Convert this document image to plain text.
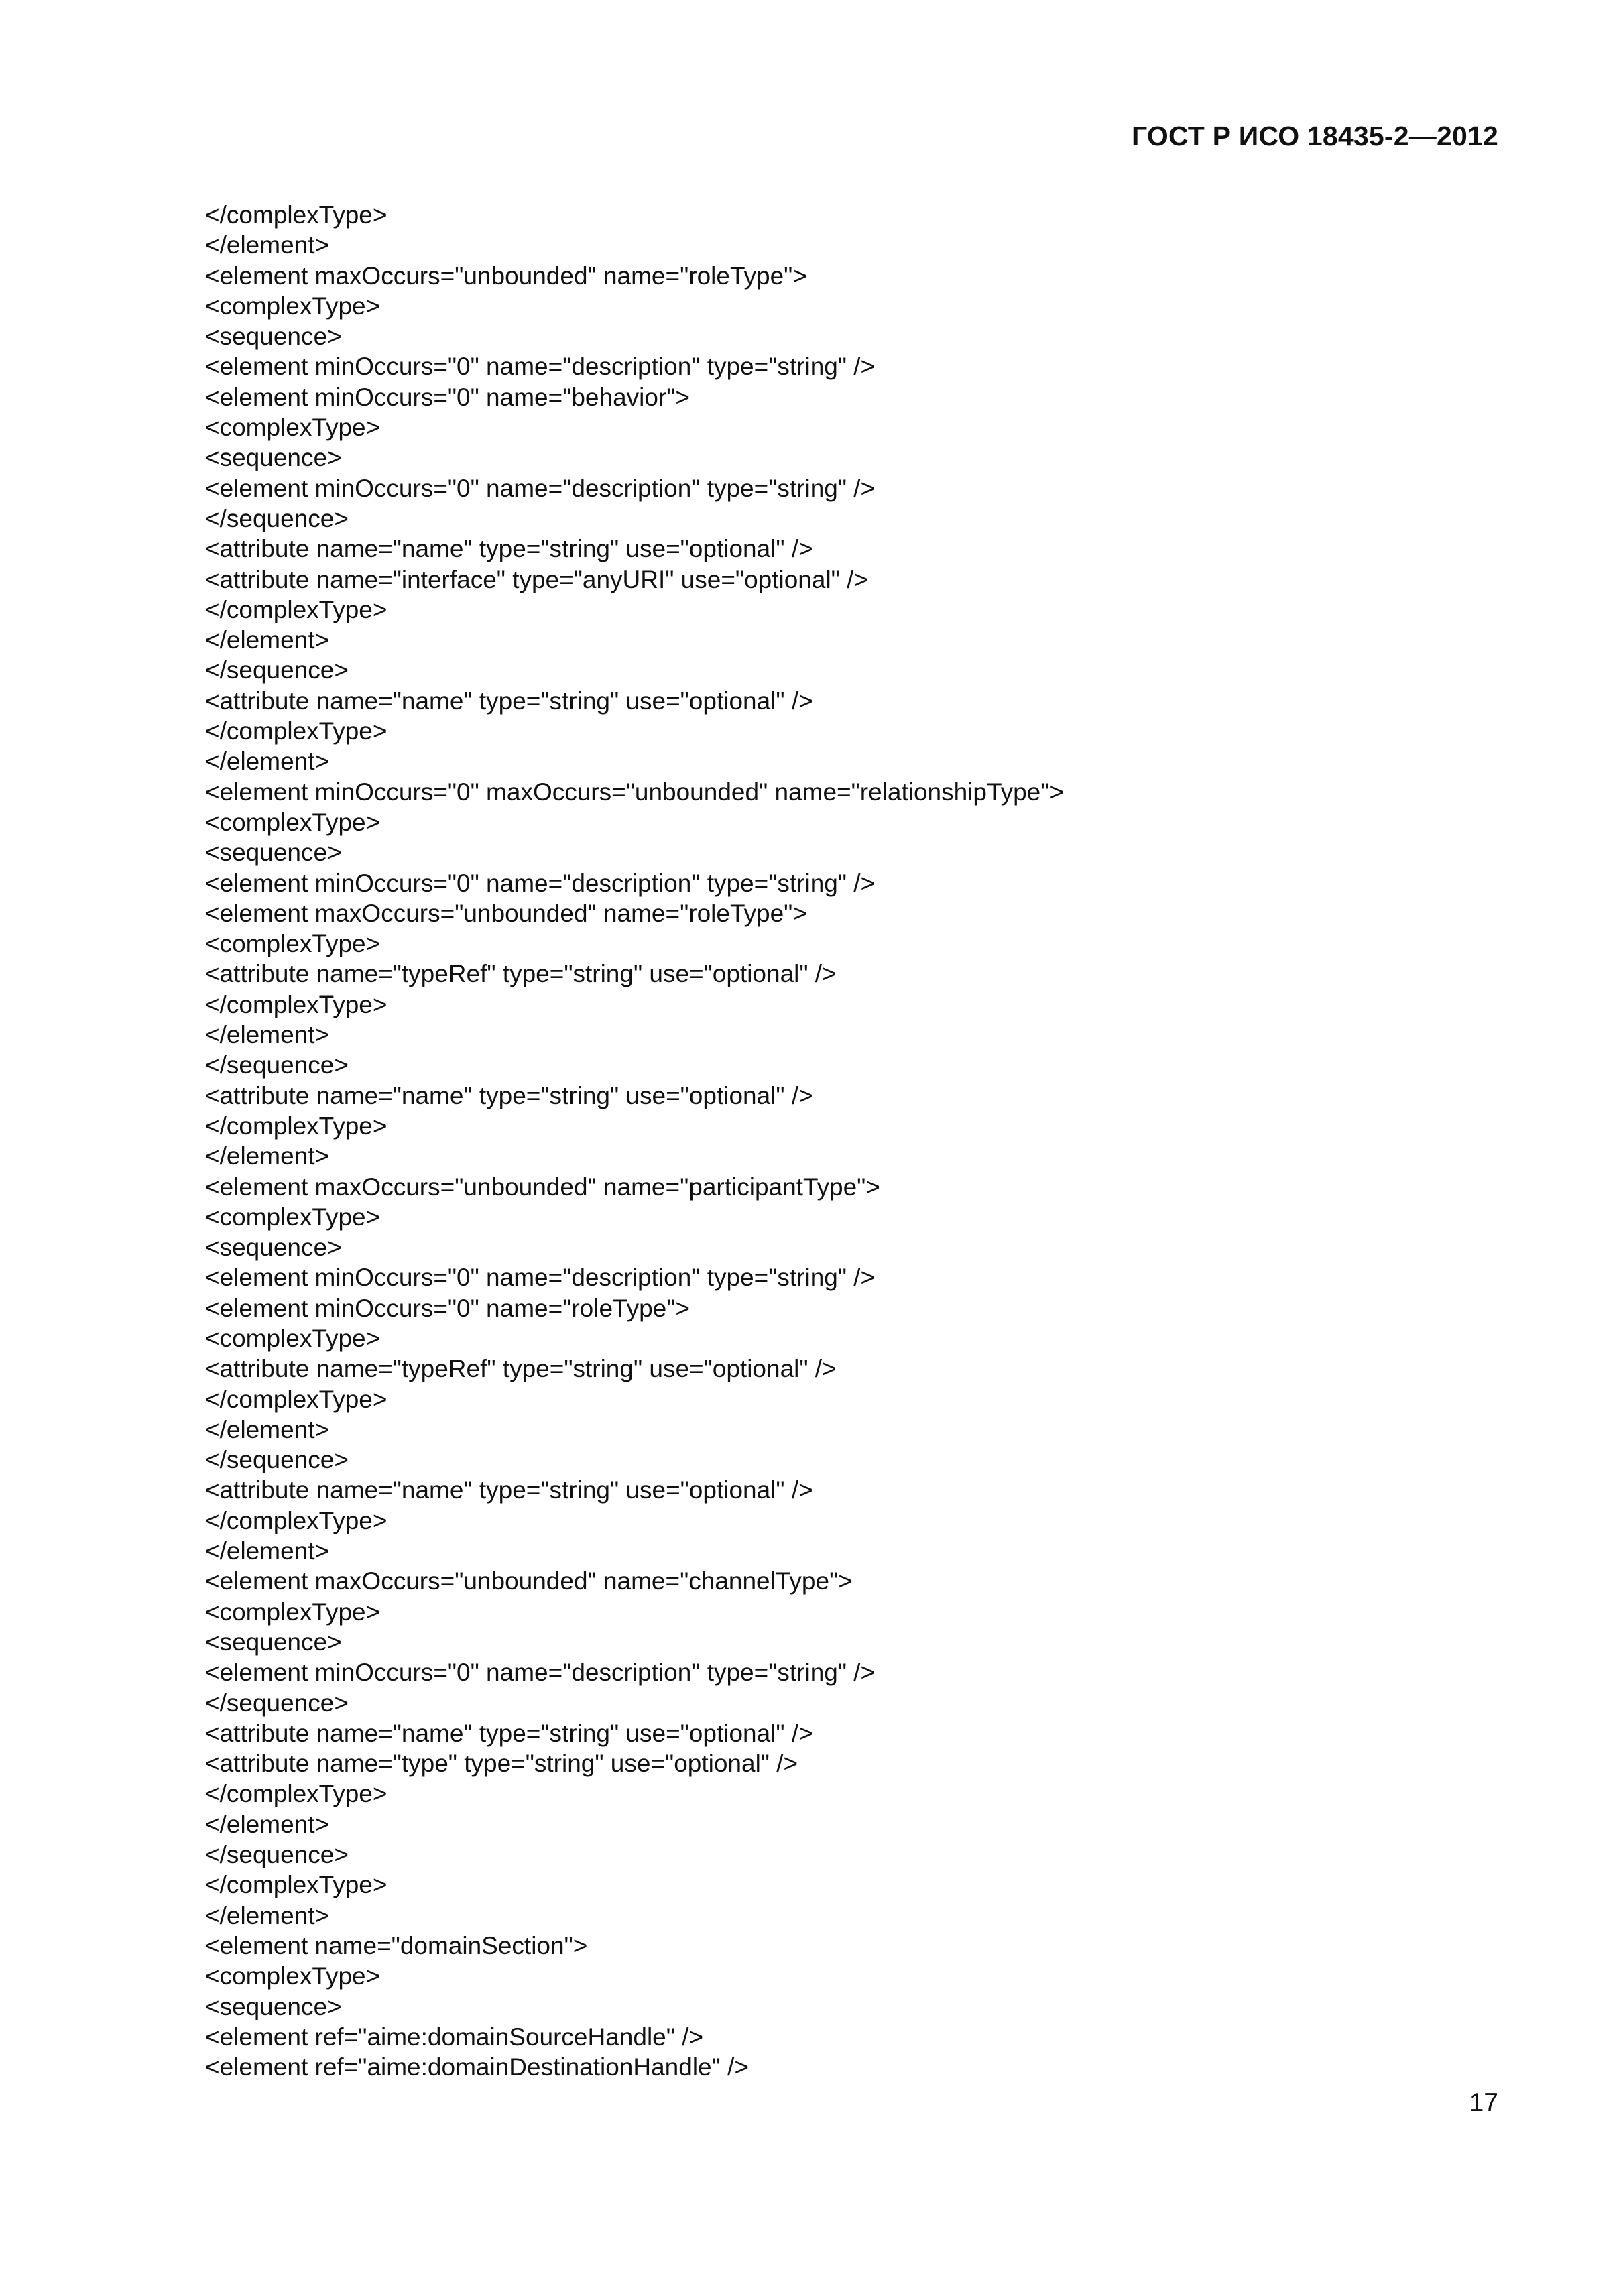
ГОСТ Р ИСО 18435-2—2012
</complexType>
</element>
<element maxOccurs="unbounded" name="roleType">
<complexType>
<sequence>
<element minOccurs="0" name="description" type="string" />
<element minOccurs="0" name="behavior">
<complexType>
<sequence>
<element minOccurs="0" name="description" type="string" />
</sequence>
<attribute name="name" type="string" use="optional" />
<attribute name="interface" type="anyURI" use="optional" />
</complexType>
</element>
</sequence>
<attribute name="name" type="string" use="optional" />
</complexType>
</element>
<element minOccurs="0" maxOccurs="unbounded" name="relationshipType">
<complexType>
<sequence>
<element minOccurs="0" name="description" type="string" />
<element maxOccurs="unbounded" name="roleType">
<complexType>
<attribute name="typeRef" type="string" use="optional" />
</complexType>
</element>
</sequence>
<attribute name="name" type="string" use="optional" />
</complexType>
</element>
<element maxOccurs="unbounded" name="participantType">
<complexType>
<sequence>
<element minOccurs="0" name="description" type="string" />
<element minOccurs="0" name="roleType">
<complexType>
<attribute name="typeRef" type="string" use="optional" />
</complexType>
</element>
</sequence>
<attribute name="name" type="string" use="optional" />
</complexType>
</element>
<element maxOccurs="unbounded" name="channelType">
<complexType>
<sequence>
<element minOccurs="0" name="description" type="string" />
</sequence>
<attribute name="name" type="string" use="optional" />
<attribute name="type" type="string" use="optional" />
</complexType>
</element>
</sequence>
</complexType>
</element>
<element name="domainSection">
<complexType>
<sequence>
<element ref="aime:domainSourceHandle" />
<element ref="aime:domainDestinationHandle" />
17
